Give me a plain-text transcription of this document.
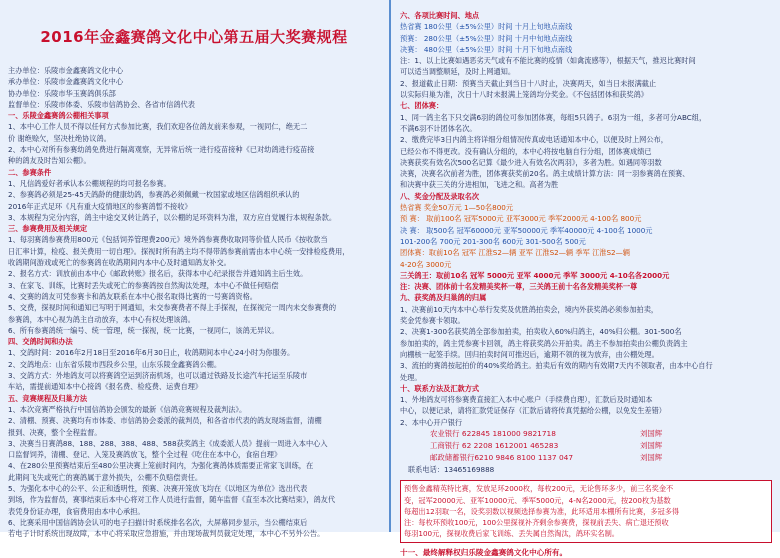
2016年金鑫赛鸽文化中心第五届大奖赛规程
主办单位：乐陵市金鑫赛鸽文化中心
承办单位：乐陵市金鑫赛鸽文化中心
协办单位：乐陵市华玉赛鸽俱乐部
监督单位：乐陵市体委、乐陵市信鸽协会、各省市信鸽代表
一、乐陵金鑫赛鸽公棚相关事项
1、本中心工作人员不得以任何方式参加比赛，我们欢迎各位鸽友前来参观，一视同仁，绝无二
价 谢绝赊欠，坚决杜绝协议鸽。
2、本中心对所有参赛幼鸽免费进行隔离观察，无异常后统一进行疫苗接种《已对幼鸽进行疫苗接
种的鸽友及时告知公棚》。
二、参赛条件
1、凡信鸽爱好者承认本公棚规程的均可报名参赛。
2、参赛鸽必须是25-45天鸽龄的健康幼鸽，参赛鸽必须佩戴一枚国家或地区信鸽组织承认的
2016年正式足环《凡有重大疫情地区的参赛鸽暂不接收》
3、本规程为完分内容，鸽主中途交叉转让鸽子，以公棚的足环资料为准，双方应自觉履行本规程条款。
三、参赛费用及相关规定
1、每羽赛鸽参赛费用800元《包括饲养管理费200元》境外鸽参赛费收取同等价值人民币《按收款当
日汇率计算，检疫、报关费用一切自理》。探视时所有鸽主均不得带鸽参赛前需由本中心统一安排检疫费用，
收鸽期间游戏或死亡的参赛鸽在收鸽期间内本中心及时通知鸽友补交。
2、报名方式：训放前由本中心《邮政转账》报名后，获得本中心纪录报告并通知鸽主后生效。
3、在家飞、训练，比赛时丢失或死亡的参赛鸽按自然淘汰处理，本中心不做任何赔偿
4、交赛的鸽友可凭参赛卡和鸽友联系在本中心报名取得比赛的一号赛鸽资格。
5、交费，探视时间和通知已写明于网通知，未交参赛费者不得上手探视，在探视完一周内未交参赛费的
参赛鸽，本中心视为鸽主自动放弃，本中心有权处理该鸽。
6、所有参赛鸽统一编号、统一管理，统一探视，统一比赛，一视同仁，该鸽无异议。
四、交鸽时间和办法
1、交鸽时间：2016年2月18日至2016年6月30日止，收鸽期间本中心24小时为你服务。
2、交鸽地点：山东省乐陵市西段乡公里，山东乐陵金鑫赛鸽公棚。
3、交鸽方式：外地鸽友可以将赛鸽空运到济南机场，也可以通过铁路及长途汽车托运至乐陵市
车站，需提前通知本中心接鸽《报名费、检疫费、运费自理》
五、竞赛规程及归巢方法
1、本次竞赛严格执行中国信鸽协会颁发的最新《信鸽竞赛规程及裁判法》。
2、清棚、预赛、决赛均有市体委、市信鸽协会委派的裁判员，和各省市代表的鸽友现场监督，清棚
报到、决赛，整个全程监督。
3、决赛当日赛鸽88、188、288、388、488、588获奖鸽主《成委派人员》提前一周进入本中心入
口监督饲养，清棚、登记、入笼及赛鸽放飞，整个全过程《吃住在本中心，食宿自理》
4、在280公里预赛结束后至480公里决赛上笼前时间内，为强化赛鸽体质需要正常家飞训练，在
此期间飞失或死亡的赛鸽属于意外损失，公棚不负赔偿责任。
5、为强化本中心的公平、公正和透明性，预赛、决赛开笼放飞均在《以地区为单位》选出代表
到场，作为监督员，赛事结束后本中心将对工作人员进行监督，随车监督《直至本次比赛结束》，鸽友代
表凭身份证办理，食宿费用由本中心承担。
6、比赛采用中国信鸽协会认可的电子扫描计时系统排名名次，大屏幕同步显示，当公棚结束后
若电子计时系统出现故障，本中心将采取应急措施，并由现场裁判员裁定处理，本中心不另外公告。
六、各项比赛时间、地点
热省赛 180公里（±5%公里）时间 十月上旬地点南线
预赛： 280公里（±5%公里）时间 十月中旬地点南线
决赛： 480公里（±5%公里）时间 十月下旬地点南线
注：1、以上比赛如遇恶劣天气或有不能比赛的疫情（如禽流感等），根据天气，推迟比赛时间
可以适当调整顺延，及时上网通知。
2、报道截止日期：预赛当天截止到当日十八时止，决赛两天，如当日未报满截止
以实际归巢为准，次日十八时未报满上笼鸽均分奖金。《不包括团体和获奖鸽》
七、团体赛：
1、同一鸽主名下只交满6羽的鸽位可参加团体赛，每组5只鸽子。6羽为一组，多者可分ABC组，
不满6羽不计团体名次。
2、缴费完毕3日内鸽主将详细分组情况传真或电话通知本中心，以便及时上网公布，
已经公布不得更改。没有确认分组的，本中心将按电脑自行分组，团体赛成绩已
决赛获奖有效名次500名记算《最少进入有效名次两羽》，多者为胜。如遇同等羽数
决赛，决赛名次前者为胜，团体赛获奖前20名。鸽主成绩计算方法：同一羽参赛鸽在预赛、
和决赛中获三关的分进相加，飞进之和。高者为胜
八、奖金分配及录取名次
热省赛 奖金50万元 1—50名800元
预 赛： 取前100名 冠军5000元 亚军3000元 季军2000元 4-100名 800元
决 赛： 取500名 冠军60000元 亚军50000元 季军40000元 4-100名 1000元
101-200名 700元 201-300名 600元 301-500名 500元
团体赛：取前10名 冠军 江淮S2—辆 亚军 江淮S2—辆 季军 江淮S2—辆
4-20名 3000元
三关鸽王：取前10名 冠军 5000元 亚军 4000元 季军 3000元 4-10名各2000元
注：决赛、团体前十名发精美奖杯一尊，三关鸽王前十名各发精美奖杯一尊
九、获奖鸽及归巢鸽的归属
1、决赛前10天内本中心举行发奖及优胜鸽拍卖会，境内外获奖鸽必须参加拍卖，
奖金凭参赛卡领取。
2、决赛1-300名获奖鸽全部参加拍卖，拍卖收入60%归鸽主，40%归公棚。301-500名
参加拍卖的，鸽主凭参赛卡回领，鸽主将获奖鸽公开拍卖。鸽主不参加拍卖由公棚负责鸽主
向棚核一起签手续。回归拍卖时间可推迟后，逾期不领的视为放弃，由公棚处理。
3、流拍的赛鸽按起拍价的40%奖给鸽主。拍卖后有效的期内有效期7天内不领取者，由本中心自行
处理。
十、联系方法及汇款方式
1、外地鸽友可将参赛费直接汇入本中心账户（手续费自理），汇款后及时通知本
中心，以便记录，请将汇款凭证保存（汇款后请将传真凭据给公棚，以免发生差错）
2、本中心开户银行
农业银行 622845 181000 9821718	刘国辉
工商银行 62 2208 1612001 465283	刘国辉
邮政储蓄银行6210 9846 8100 1137 047	刘国辉
联系电话：13465169888
预售金鑫精英特比赛，发放足环2000枚，每枚200元，无论售环多少，前三名奖金不
变，冠军20000元、亚军10000元、季军5000元，4-N名2000元，按200枚为基数
每超出12羽取一名，设奖羽数以视频选择参赛为准，此环适用本棚所有比赛，多冠多得
注：每枚环预收100元，100公里探视补齐剩余参赛费，探视前丢失、病亡退还预收
每羽100元，探视收费后家飞训练、丢失属自然淘汰，鸽环实名制。
十一、最终解释权归乐陵金鑫赛鸽文化中心所有。
